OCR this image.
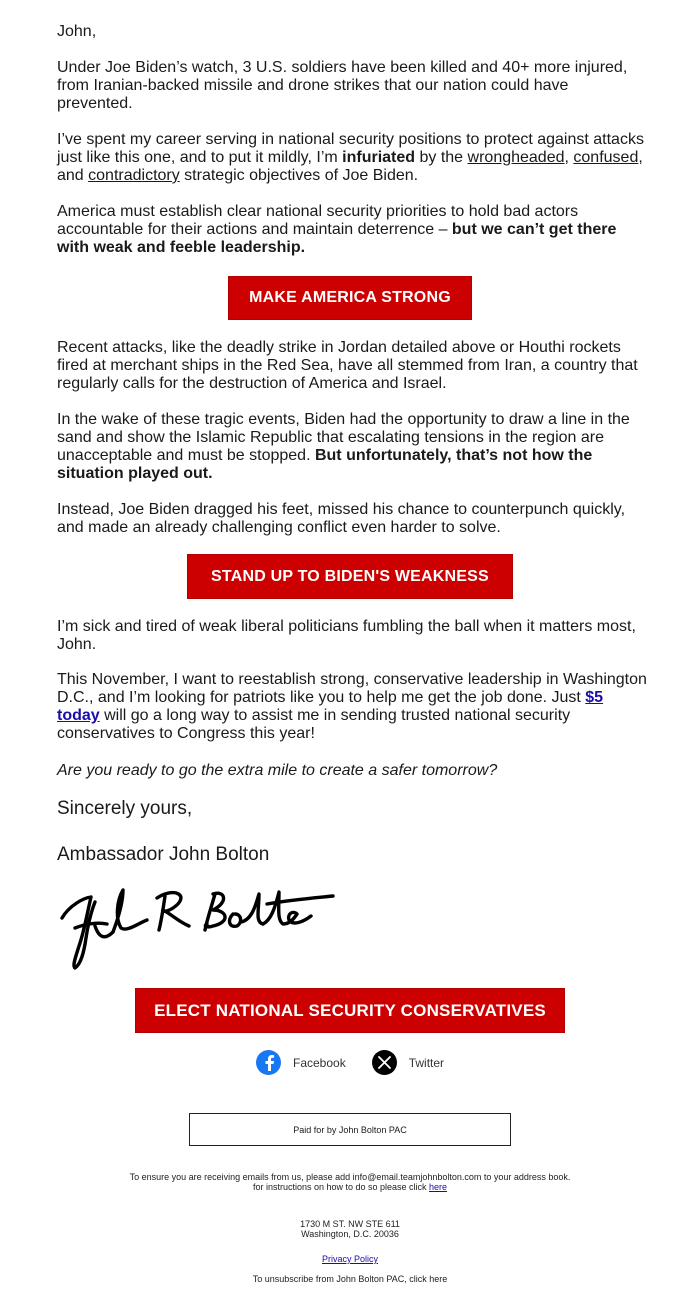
John,

Under Joe Biden’s watch, 3 U.S. soldiers have been killed and 40+ more injured, from Iranian-backed missile and drone strikes that our nation could have prevented.

I’ve spent my career serving in national security positions to protect against attacks just like this one, and to put it mildly, I’m infuriated by the wrongheaded, confused, and contradictory strategic objectives of Joe Biden.

America must establish clear national security priorities to hold bad actors accountable for their actions and maintain deterrence – but we can’t get there with weak and feeble leadership.

Recent attacks, like the deadly strike in Jordan detailed above or Houthi rockets fired at merchant ships in the Red Sea, have all stemmed from Iran, a country that regularly calls for the destruction of America and Israel.

In the wake of these tragic events, Biden had the opportunity to draw a line in the sand and show the Islamic Republic that escalating tensions in the region are unacceptable and must be stopped. But unfortunately, that’s not how the situation played out.

Instead, Joe Biden dragged his feet, missed his chance to counterpunch quickly, and made an already challenging conflict even harder to solve.

I’m sick and tired of weak liberal politicians fumbling the ball when it matters most, John.

This November, I want to reestablish strong, conservative leadership in Washington D.C., and I’m looking for patriots like you to help me get the job done. Just $5 today will go a long way to assist me in sending trusted national security conservatives to Congress this year!

Are you ready to go the extra mile to create a safer tomorrow?

Sincerely yours,

Ambassador John Bolton

MAKE AMERICA STRONG
STAND UP TO BIDEN'S WEAKNESS
ELECT NATIONAL SECURITY CONSERVATIVES
Facebook	Twitter
Paid for by John Bolton PAC
To ensure you are receiving emails from us, please add info@email.teamjohnbolton.com to your address book.
for instructions on how to do so please click here
1730 M ST. NW STE 611
Washington, D.C. 20036
Privacy Policy
To unsubscribe from John Bolton PAC, click here
